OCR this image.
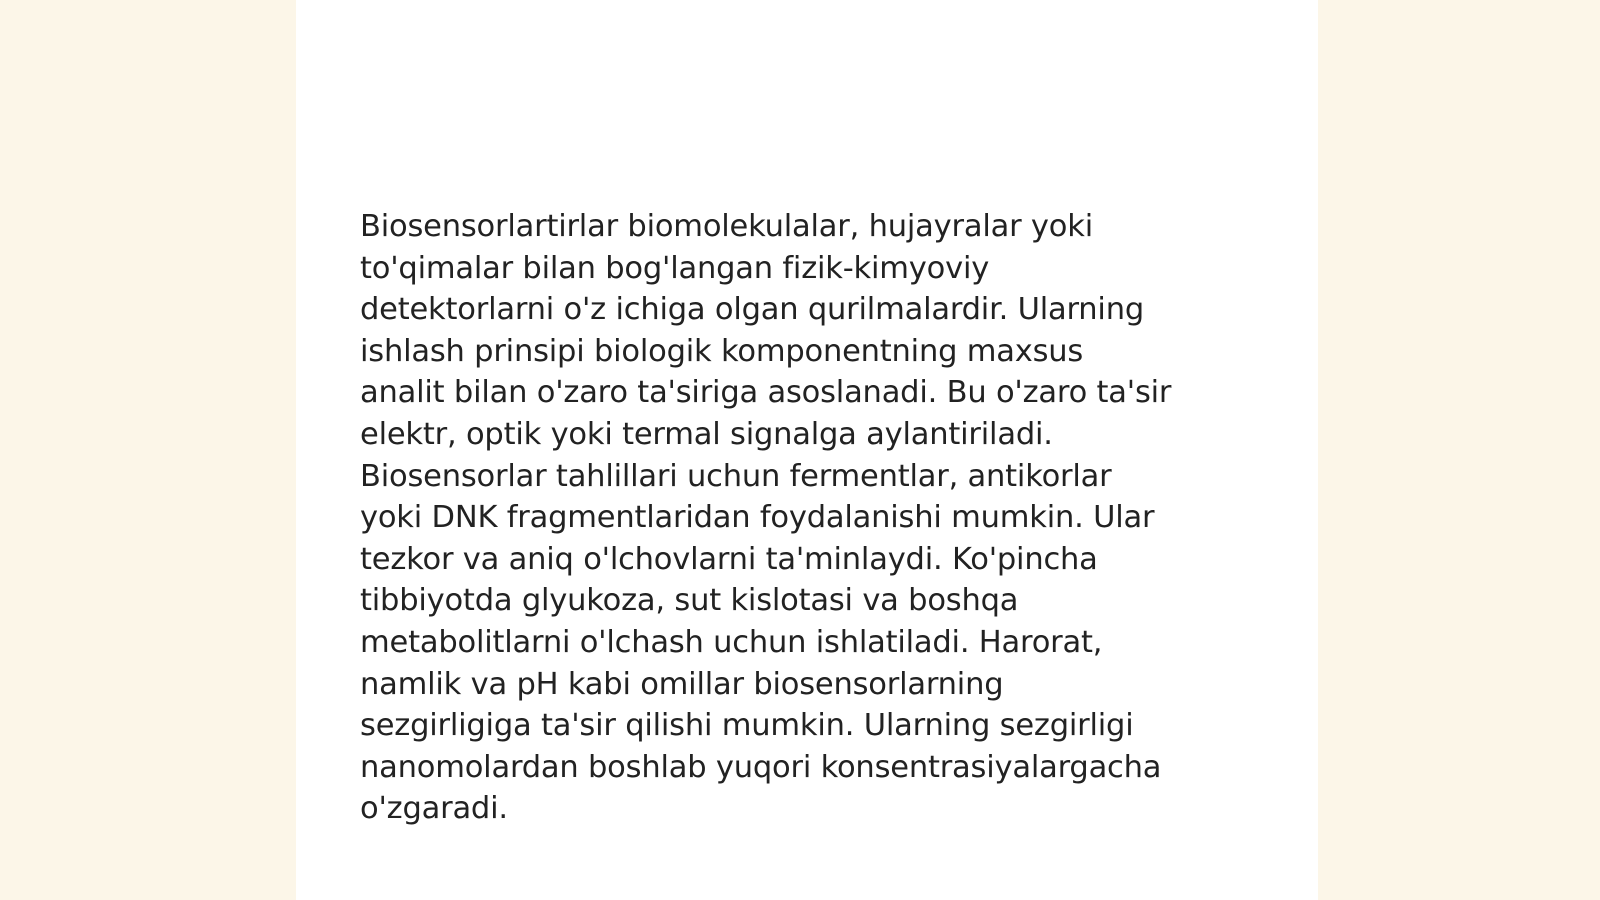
Biosensorlartirlar biomolekulalar, hujayralar yoki
to'qimalar bilan bog'langan fizik-kimyoviy
detektorlarni o'z ichiga olgan qurilmalardir. Ularning
ishlash prinsipi biologik komponentning maxsus
analit bilan o'zaro ta'siriga asoslanadi. Bu o'zaro ta'sir
elektr, optik yoki termal signalga aylantiriladi.
Biosensorlar tahlillari uchun fermentlar, antikorlar
yoki DNK fragmentlaridan foydalanishi mumkin. Ular
tezkor va aniq o'lchovlarni ta'minlaydi. Ko'pincha
tibbiyotda glyukoza, sut kislotasi va boshqa
metabolitlarni o'lchash uchun ishlatiladi. Harorat,
namlik va pH kabi omillar biosensorlarning
sezgirligiga ta'sir qilishi mumkin. Ularning sezgirligi
nanomolardan boshlab yuqori konsentrasiyalargacha
o'zgaradi.
